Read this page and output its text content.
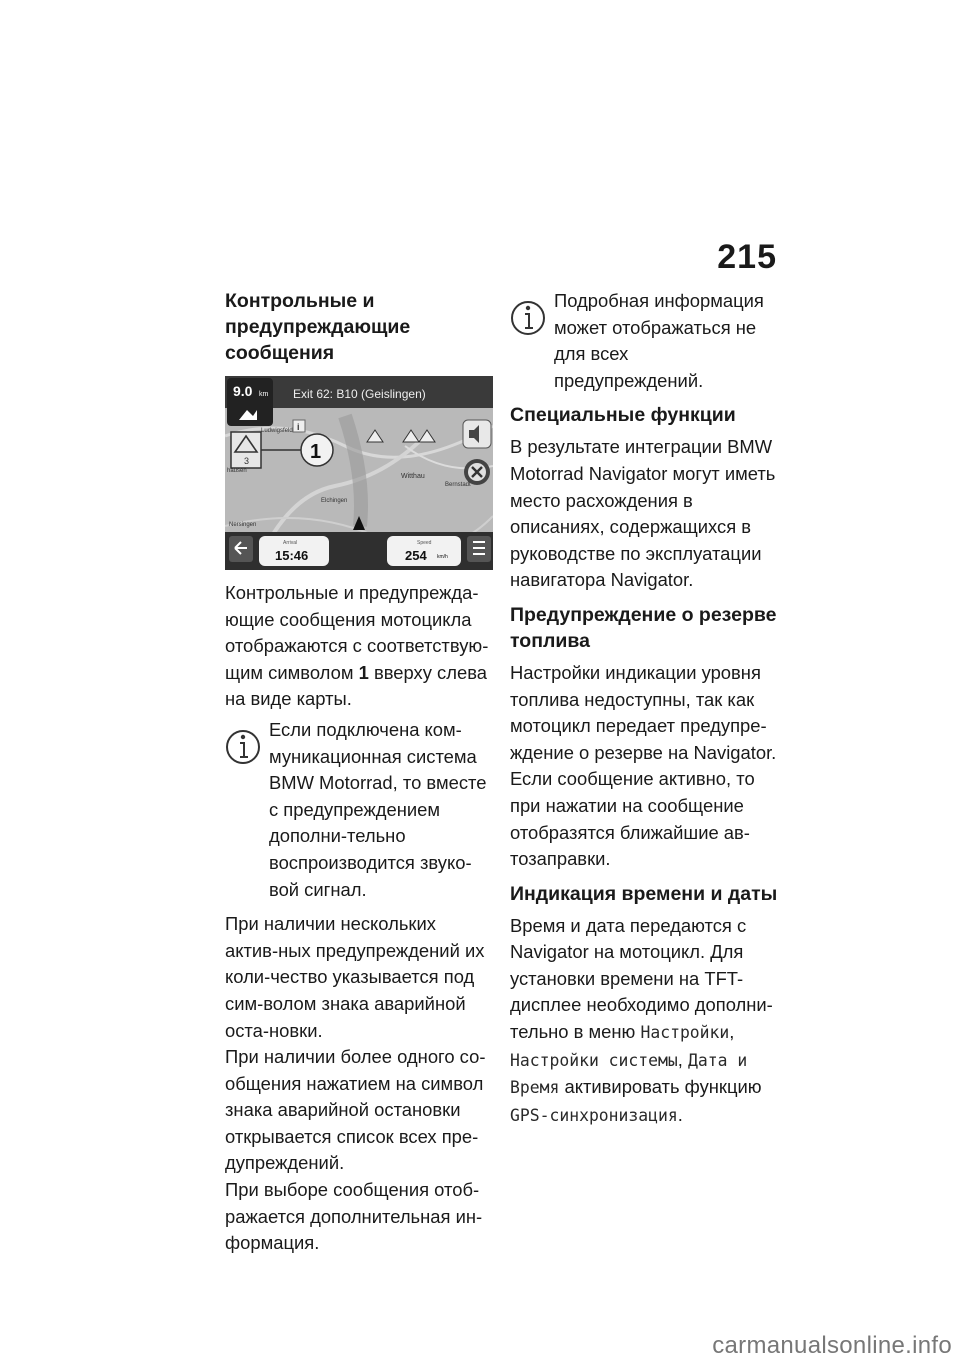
215
Контрольные и предупреждающие сообщения
9.0 km Exit 62: B10 (Geislingen)
Ludwigsfeld
Witthau
Elchingen
Nersingen
hausen
Bernstadt
i
3	1
Arrival
15:46
Speed
254 km/h

Контрольные и предупрежда-ющие сообщения мотоцикла отображаются с соответствую-щим символом 1 вверху слева на виде карты.

Если подключена ком-муникационная система BMW Motorrad, то вместе с предупреждением дополни-тельно воспроизводится звуко-вой сигнал.

При наличии нескольких актив-ных предупреждений их коли-чество указывается под сим-волом знака аварийной оста-новки.

При наличии более одного со-общения нажатием на символ знака аварийной остановки открывается список всех пре-дупреждений.

При выборе сообщения отоб-ражается дополнительная ин-формация.

Подробная информация может отображаться не для всех предупреждений.

Специальные функции

В результате интеграции BMW Motorrad Navigator могут иметь место расхождения в описаниях, содержащихся в руководстве по эксплуатации навигатора Navigator.

Предупреждение о резерве топлива

Настройки индикации уровня топлива недоступны, так как мотоцикл передает предупре-ждение о резерве на Navigator. Если сообщение активно, то при нажатии на сообщение отобразятся ближайшие ав-тозаправки.

Индикация времени и даты

Время и дата передаются с Navigator на мотоцикл. Для установки времени на TFT-дисплее необходимо дополни-тельно в меню Настройки, Настройки системы, Дата и Время активировать функцию GPS-синхронизация.

carmanualsonline.info
